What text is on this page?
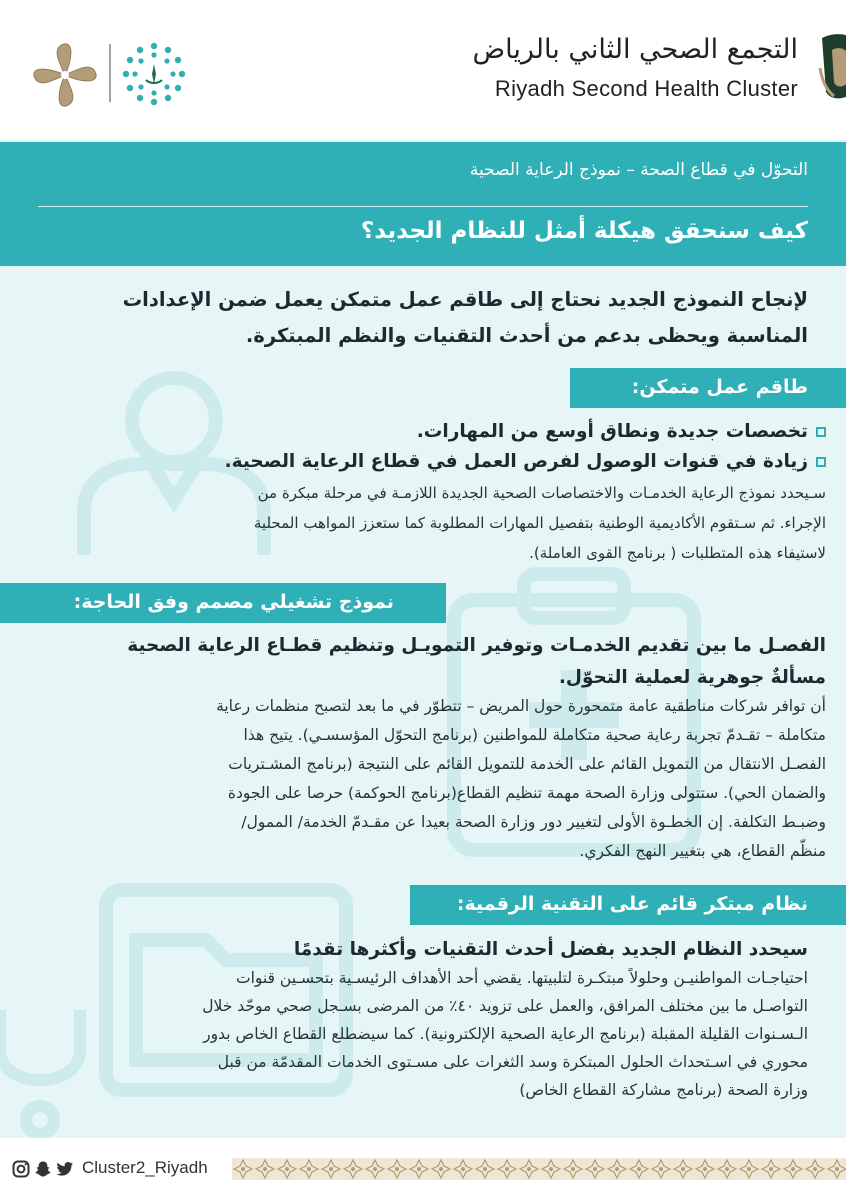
التجمع الصحي الثاني بالرياض
Riyadh Second Health Cluster
التحوّل في قطاع الصحة – نموذج الرعاية الصحية
كيف سنحقق هيكلة أمثل للنظام الجديد؟
لإنجاح النموذج الجديد نحتاج إلى طاقم عمل متمكن يعمل ضمن الإعدادات
المناسبة ويحظى بدعم من أحدث التقنيات والنظم المبتكرة.
طاقم عمل متمكن:
تخصصات جديدة ونطاق أوسع من المهارات.
زيادة في قنوات الوصول لفرص العمل في قطاع الرعاية الصحية.
سـيحدد نموذج الرعاية الخدمـات والاختصاصات الصحية الجديدة اللازمـة في مرحلة مبكرة من
الإجراء. ثم سـتقوم الأكاديمية الوطنية بتفصيل المهارات المطلوبة كما ستعزز المواهب المحلية
لاستيفاء هذه المتطلبات ( برنامج القوى العاملة).
نموذج تشغيلي مصمم وفق الحاجة:
الفصـل ما بين تقديم الخدمـات وتوفير التمويـل وتنظيم قطـاع الرعاية الصحية
مسألةٌ جوهرية لعملية التحوّل.
أن توافر شركات مناطقية عامة متمحورة حول المريض – تتطوّر في ما بعد لتصبح منظمات رعاية
متكاملة – تقـدمّ تجربة رعاية صحية متكاملة للمواطنين (برنامج التحوّل المؤسسـي). يتيح هذا
الفصـل الانتقال من التمويل القائم على الخدمة للتمويل القائم على النتيجة (برنامج المشـتريات
والضمان الحي). ستتولى وزارة الصحة مهمة تنظيم القطاع(برنامج الحوكمة) حرصا على الجودة
وضبـط التكلفة. إن الخطـوة الأولى لتغيير دور وزارة الصحة بعيدا عن مقـدمّ الخدمة/ الممول/
منظّم القطاع، هي بتغيير النهج الفكري.
نظام مبتكر قائم على التقنية الرقمية:
سيحدد النظام الجديد بفضل أحدث التقنيات وأكثرها تقدمًا
احتياجـات المواطنيـن وحلولاً مبتكـرة لتلبيتها. يقضي أحد الأهداف الرئيسـية بتحسـين قنوات
التواصـل ما بين مختلف المرافق، والعمل على تزويد ٤٠٪ من المرضى بسـجل صحي موحّد خلال
الـسـنوات القليلة المقبلة (برنامج الرعاية الصحية الإلكترونية). كما سيضطلع القطاع الخاص بدور
محوري في اسـتحداث الحلول المبتكرة وسد الثغرات على مسـتوى الخدمات المقدمّة من قبل
وزارة الصحة (برنامج مشاركة القطاع الخاص)
Cluster2_Riyadh
